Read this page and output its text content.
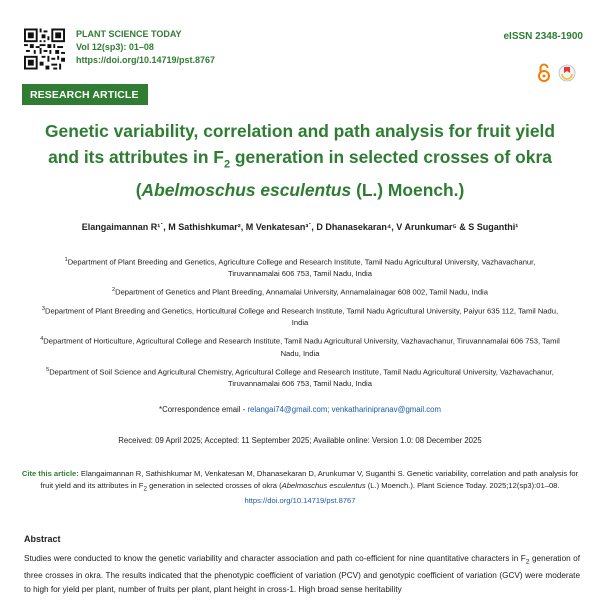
PLANT SCIENCE TODAY
Vol 12(sp3): 01–08
https://doi.org/10.14719/pst.8767
eISSN 2348-1900
RESEARCH ARTICLE
Genetic variability, correlation and path analysis for fruit yield
and its attributes in $F_2$ generation in selected crosses of okra
(Abelmoschus esculentus (L.) Moench.)
Elangaimannan R¹˙, M Sathishkumar², M Venkatesan³˙, D Dhanasekaran⁴, V Arunkumar⁵ & S Suganthi¹
$^1$Department of Plant Breeding and Genetics, Agriculture College and Research Institute, Tamil Nadu Agricultural University, Vazhavachanur, Tiruvannamalai 606 753, Tamil Nadu, India
$^2$Department of Genetics and Plant Breeding, Annamalai University, Annamalainagar 608 002, Tamil Nadu, India
$^3$Department of Plant Breeding and Genetics, Horticultural College and Research Institute, Tamil Nadu Agricultural University, Paiyur 635 112, Tamil Nadu, India
$^4$Department of Horticulture, Agricultural College and Research Institute, Tamil Nadu Agricultural University, Vazhavachanur, Tiruvannamalai 606 753, Tamil Nadu, India
$^5$Department of Soil Science and Agricultural Chemistry, Agricultural College and Research Institute, Tamil Nadu Agricultural University, Vazhavachanur, Tiruvannamalai 606 753, Tamil Nadu, India
*Correspondence email - relangai74@gmail.com; venkatharinipranav@gmail.com
Received: 09 April 2025; Accepted: 11 September 2025; Available online: Version 1.0: 08 December 2025
Cite this article: Elangaimannan R, Sathishkumar M, Venkatesan M, Dhanasekaran D, Arunkumar V, Suganthi S. Genetic variability, correlation and path analysis for fruit yield and its attributes in $F_2$ generation in selected crosses of okra (Abelmoschus esculentus (L.) Moench.). Plant Science Today. 2025;12(sp3):01–08. https://doi.org/10.14719/pst.8767
Abstract
Studies were conducted to know the genetic variability and character association and path co-efficient for nine quantitative characters in $F_2$ generation of three crosses in okra. The results indicated that the phenotypic coefficient of variation (PCV) and genotypic coefficient of variation (GCV) were moderate to high for yield per plant, number of fruits per plant, plant height in cross-1. High broad sense heritability
